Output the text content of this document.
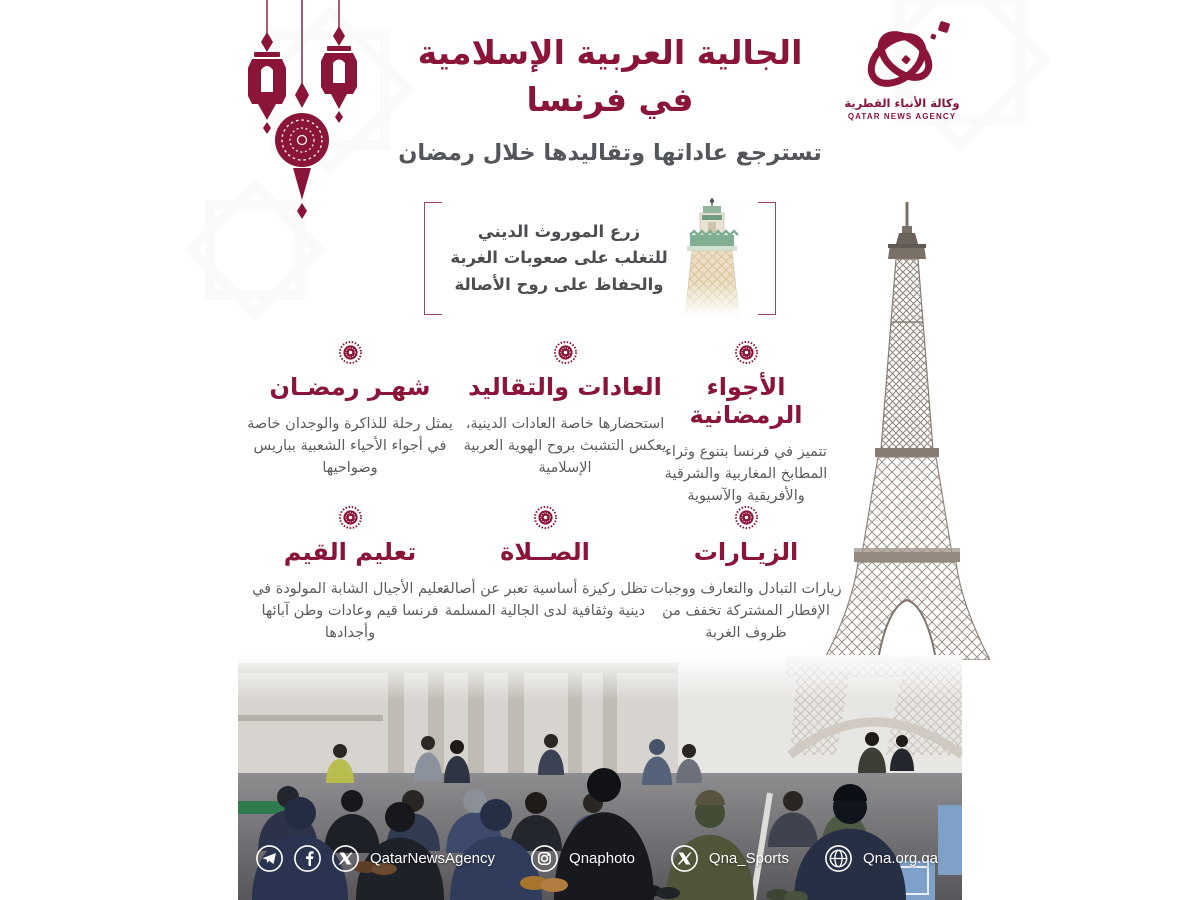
الجالية العربية الإسلامية
في فرنسا
تسترجع عاداتها وتقاليدها خلال رمضان
وكالة الأنباء القطرية
QATAR NEWS AGENCY
زرع الموروث الديني للتغلب على صعوبات الغربة والحفاظ على روح الأصالة
الأجواء الرمضانية

تتميز في فرنسا بتنوع وثراء المطابخ المغاربية والشرقية والأفريقية والآسيوية

العادات والتقاليد

استحضارها خاصة العادات الدينية، يعكس التشبث بروح الهوية العربية الإسلامية

شهـر رمضـان

يمثل رحلة للذاكرة والوجدان خاصة في أجواء الأحياء الشعبية بباريس وضواحيها

الزيـارات

زيارات التبادل والتعارف ووجبات الإفطار المشتركة تخفف من ظروف الغربة

الصــلاة

تظل ركيزة أساسية تعبر عن أصالة دينية وثقافية لدى الجالية المسلمة

تعليم القيم

تعليم الأجيال الشابة المولودة في فرنسا قيم وعادات وطن آبائها وأجدادها

QatarNewsAgency	Qnaphoto	Qna_Sports	Qna.org.qa
